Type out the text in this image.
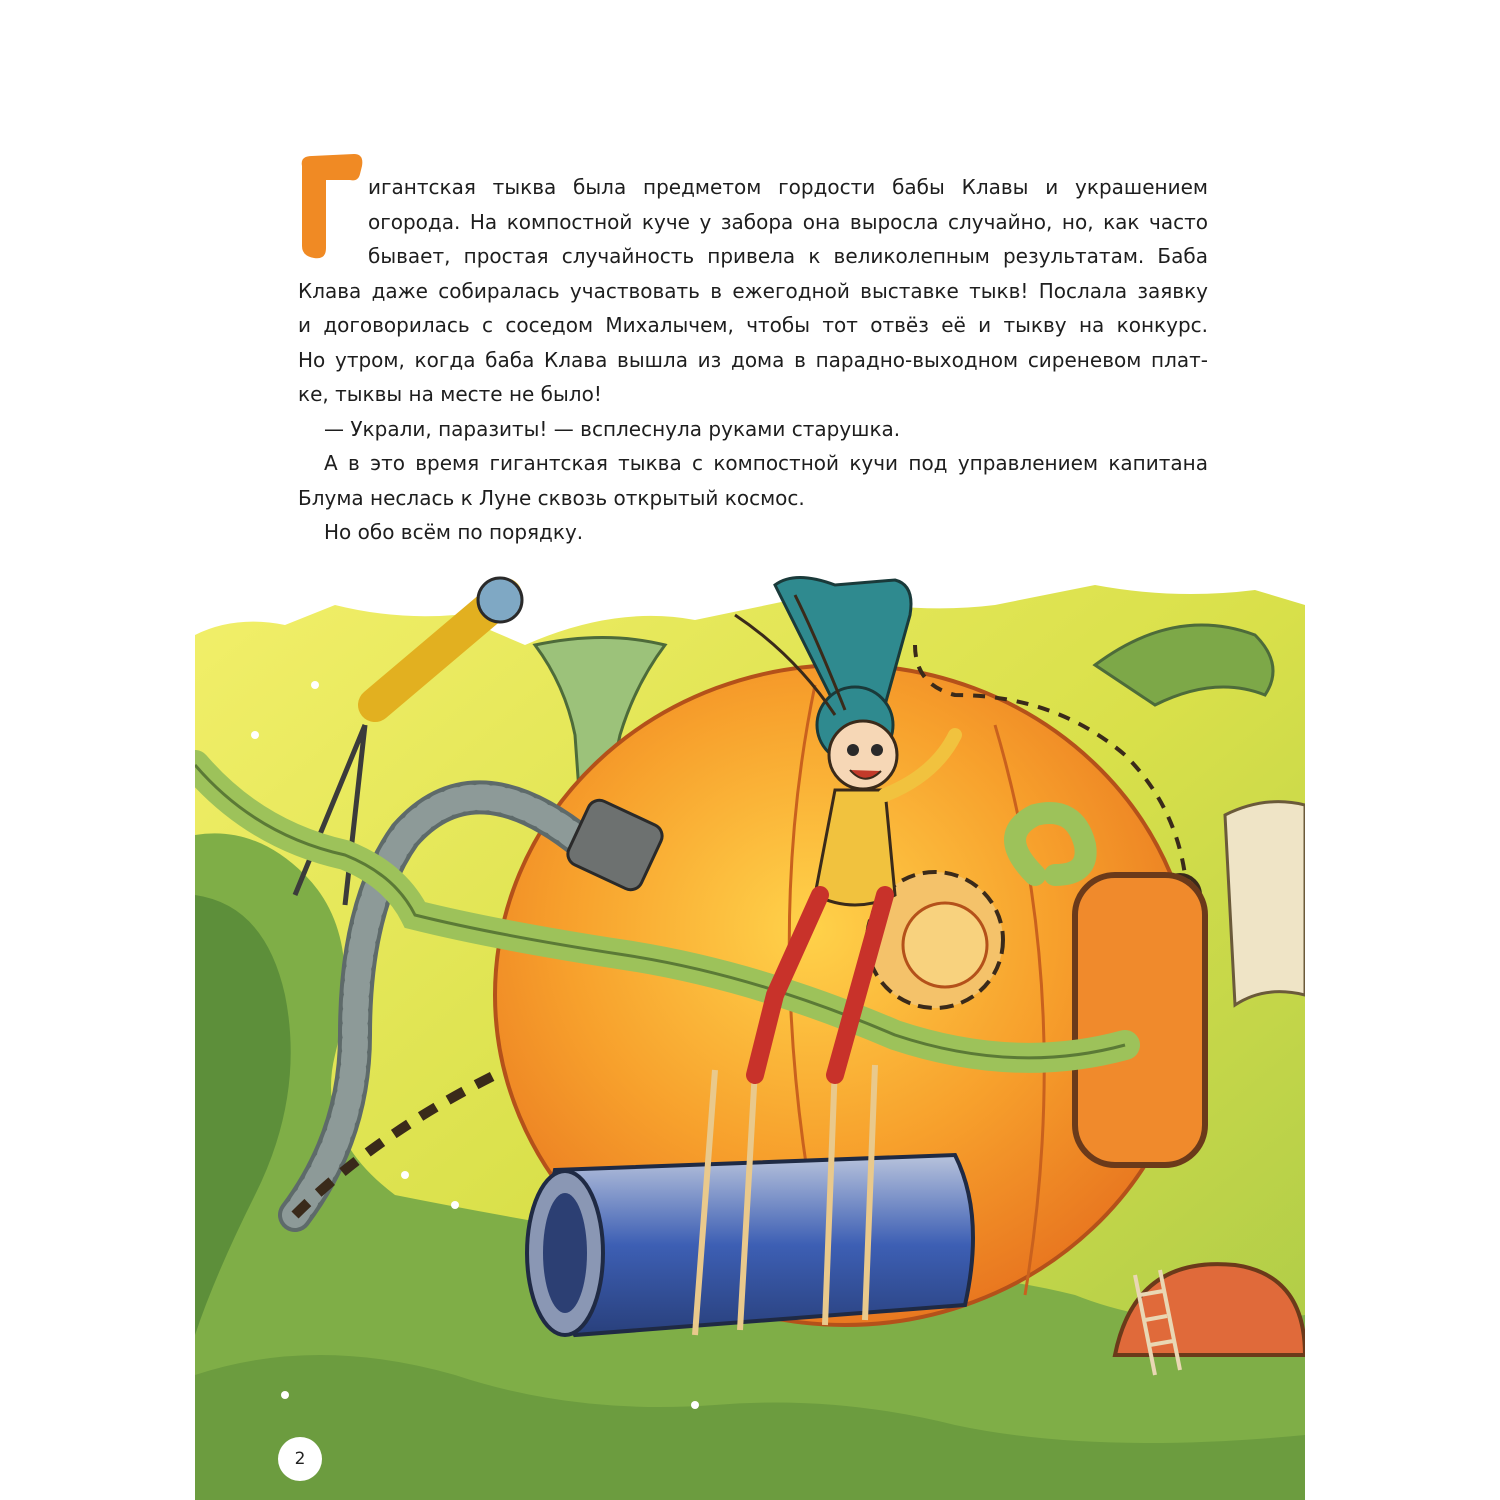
игантская тыква была предметом гордости бабы Клавы и украшением
огорода. На компостной куче у забора она выросла случайно, но, как часто
бывает, простая случайность привела к великолепным результатам. Баба
Клава даже собиралась участвовать в ежегодной выставке тыкв! Послала заявку
и договорилась с соседом Михалычем, чтобы тот отвёз её и тыкву на конкурс.
Но утром, когда баба Клава вышла из дома в парадно-выходном сиреневом плат-
ке, тыквы на месте не было!
— Украли, паразиты! — всплеснула руками старушка.
А в это время гигантская тыква с компостной кучи под управлением капитана
Блума неслась к Луне сквозь открытый космос.
Но обо всём по порядку.
2
